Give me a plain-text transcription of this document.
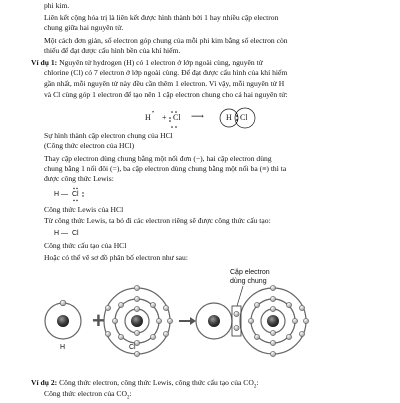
phi kim.
Liên kết cộng hóa trị là liên kết được hình thành bởi 1 hay nhiều cặp electron
chung giữa hai nguyên tử.
Một cách đơn giản, số electron góp chung của mỗi phi kim bằng số electron còn
thiếu để đạt được cấu hình bền của khí hiếm.
Ví dụ 1: Nguyên tử hydrogen (H) có 1 electron ở lớp ngoài cùng, nguyên tử
chlorine (Cl) có 7 electron ở lớp ngoài cùng. Để đạt được cấu hình của khí hiếm
gần nhất, mỗi nguyên tử này đều cần thêm 1 electron. Vì vậy, mỗi nguyên tử H
và Cl cùng góp 1 electron để tạo nên 1 cặp electron chung cho cả hai nguyên tử:
H • + Cl ⟶	H Cl
Sự hình thành cặp electron chung của HCl
(Công thức electron của HCl)
Thay cặp electron dùng chung bằng một nối đơn (−), hai cặp electron dùng
chung bằng 1 nối đôi (=), ba cặp electron dùng chung bằng một nối ba (≡) thì ta
được công thức Lewis:
H — Cl
Công thức Lewis của HCl
Từ công thức Lewis, ta bỏ đi các electron riêng sẽ được công thức cấu tạo:
H — Cl
Công thức cấu tạo của HCl
Hoặc có thể vẽ sơ đồ phân bố electron như sau:
+
H	Cl
Cặp electron
dùng chung
Ví dụ 2: Công thức electron, công thức Lewis, công thức cấu tạo của $CO_2$:
Công thức electron của $CO_2$:
